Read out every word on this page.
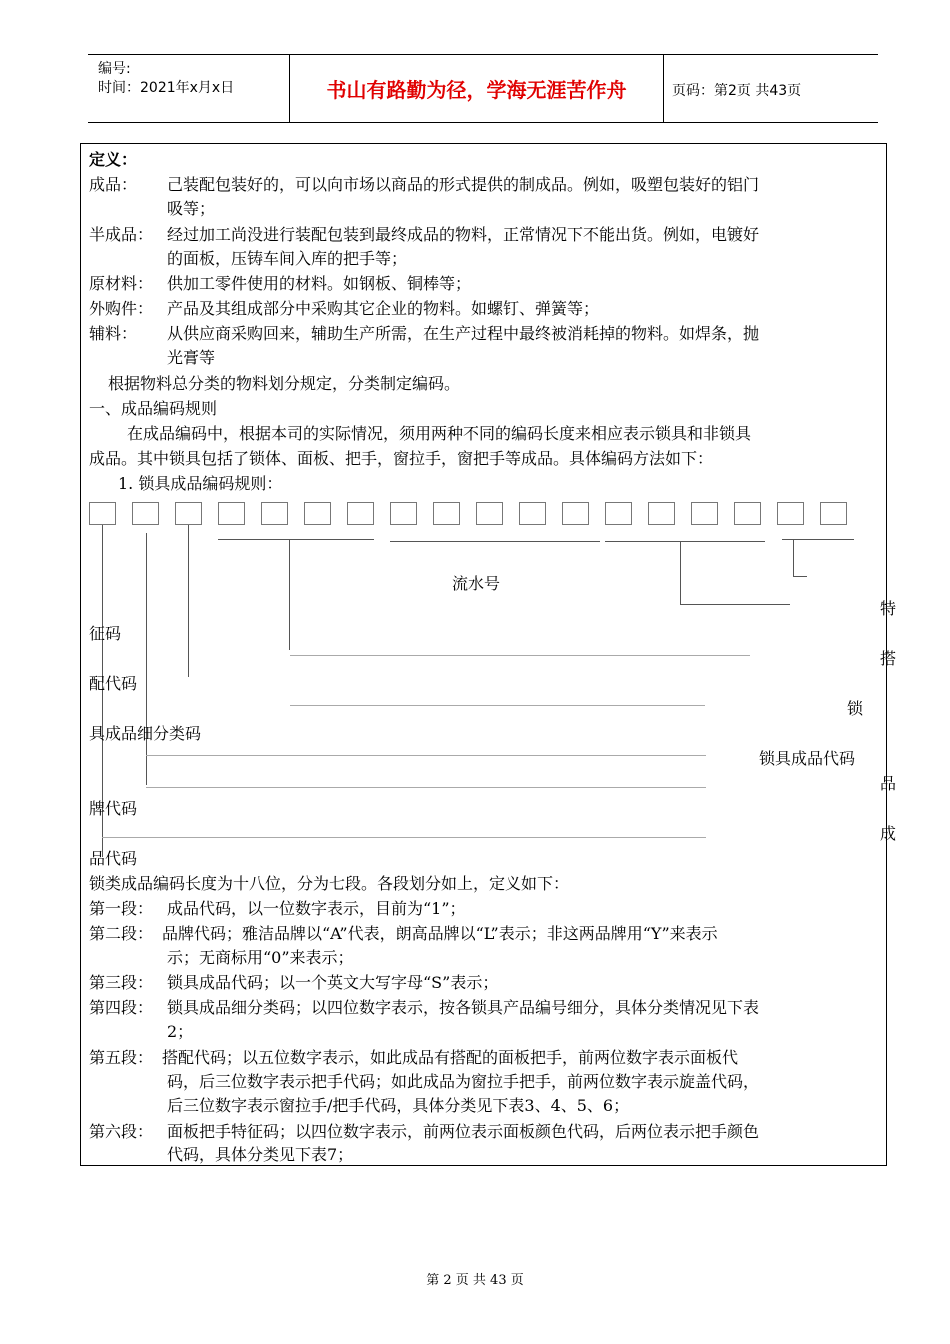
编号:
时间：2021年x月x日	书山有路勤为径，学海无涯苦作舟	页码：第2页 共43页
定义：
成品： 己装配包装好的，可以向市场以商品的形式提供的制成品。例如，吸塑包装好的铝门
吸等；
半成品： 经过加工尚没进行装配包装到最终成品的物料，正常情况下不能出货。例如，电镀好
的面板，压铸车间入库的把手等；
原材料： 供加工零件使用的材料。如钢板、铜棒等；
外购件： 产品及其组成部分中采购其它企业的物料。如螺钉、弹簧等；
辅料： 从供应商采购回来，辅助生产所需，在生产过程中最终被消耗掉的物料。如焊条，抛
光膏等
根据物料总分类的物料划分规定，分类制定编码。
一、成品编码规则
在成品编码中，根据本司的实际情况，须用两种不同的编码长度来相应表示锁具和非锁具
成品。其中锁具包括了锁体、面板、把手，窗拉手，窗把手等成品。具体编码方法如下：
1. 锁具成品编码规则：
流水号
特
征码
搭
配代码
锁
具成品细分类码
锁具成品代码
品
牌代码
成
品代码
锁类成品编码长度为十八位，分为七段。各段划分如上，定义如下：
第一段： 成品代码，以一位数字表示，目前为“1”；
第二段： 品牌代码；雅洁品牌以“A”代表，朗高品牌以“L”表示；非这两品牌用“Y”来表示
示；无商标用“0”来表示；
第三段： 锁具成品代码；以一个英文大写字母“S”表示；
第四段： 锁具成品细分类码；以四位数字表示，按各锁具产品编号细分，具体分类情况见下表
2；
第五段： 搭配代码；以五位数字表示，如此成品有搭配的面板把手，前两位数字表示面板代
码，后三位数字表示把手代码；如此成品为窗拉手把手，前两位数字表示旋盖代码，
后三位数字表示窗拉手/把手代码，具体分类见下表3、4、5、6；
第六段： 面板把手特征码；以四位数字表示，前两位表示面板颜色代码，后两位表示把手颜色
代码，具体分类见下表7；
第 2 页 共 43 页
